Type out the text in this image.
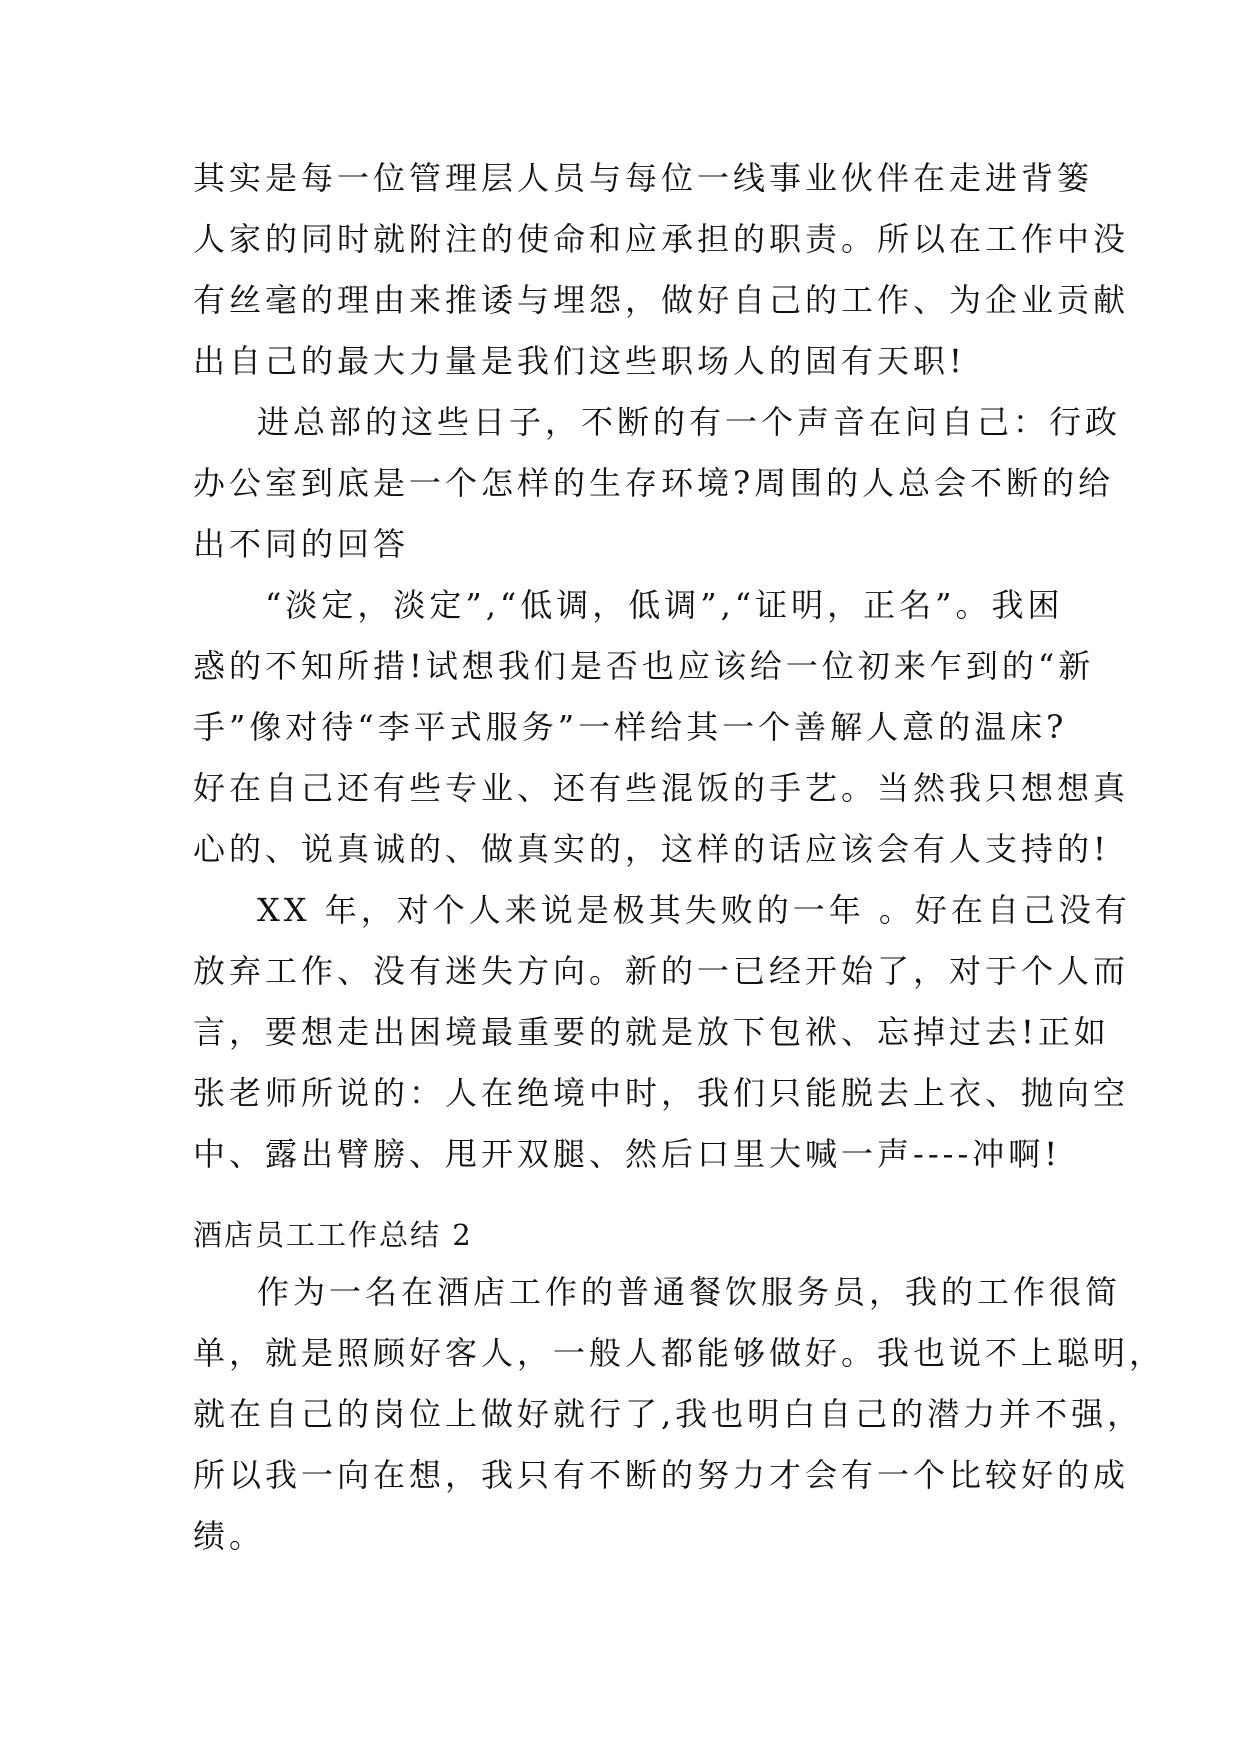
其实是每一位管理层人员与每位一线事业伙伴在走进背篓
人家的同时就附注的使命和应承担的职责。所以在工作中没
有丝毫的理由来推诿与埋怨，做好自己的工作、为企业贡献
出自己的最大力量是我们这些职场人的固有天职!
进总部的这些日子，不断的有一个声音在问自己：行政
办公室到底是一个怎样的生存环境?周围的人总会不断的给
出不同的回答
“淡定，淡定”,“低调，低调”,“证明，正名”。我困
惑的不知所措!试想我们是否也应该给一位初来乍到的“新
手”像对待“李平式服务”一样给其一个善解人意的温床?
好在自己还有些专业、还有些混饭的手艺。当然我只想想真
心的、说真诚的、做真实的，这样的话应该会有人支持的!
XX 年，对个人来说是极其失败的一年 。好在自己没有
放弃工作、没有迷失方向。新的一已经开始了，对于个人而
言，要想走出困境最重要的就是放下包袱、忘掉过去!正如
张老师所说的：人在绝境中时，我们只能脱去上衣、抛向空
中、露出臂膀、甩开双腿、然后口里大喊一声----冲啊!
酒店员工工作总结 2
作为一名在酒店工作的普通餐饮服务员，我的工作很简
单，就是照顾好客人，一般人都能够做好。我也说不上聪明，
就在自己的岗位上做好就行了,我也明白自己的潜力并不强，
所以我一向在想，我只有不断的努力才会有一个比较好的成
绩。
